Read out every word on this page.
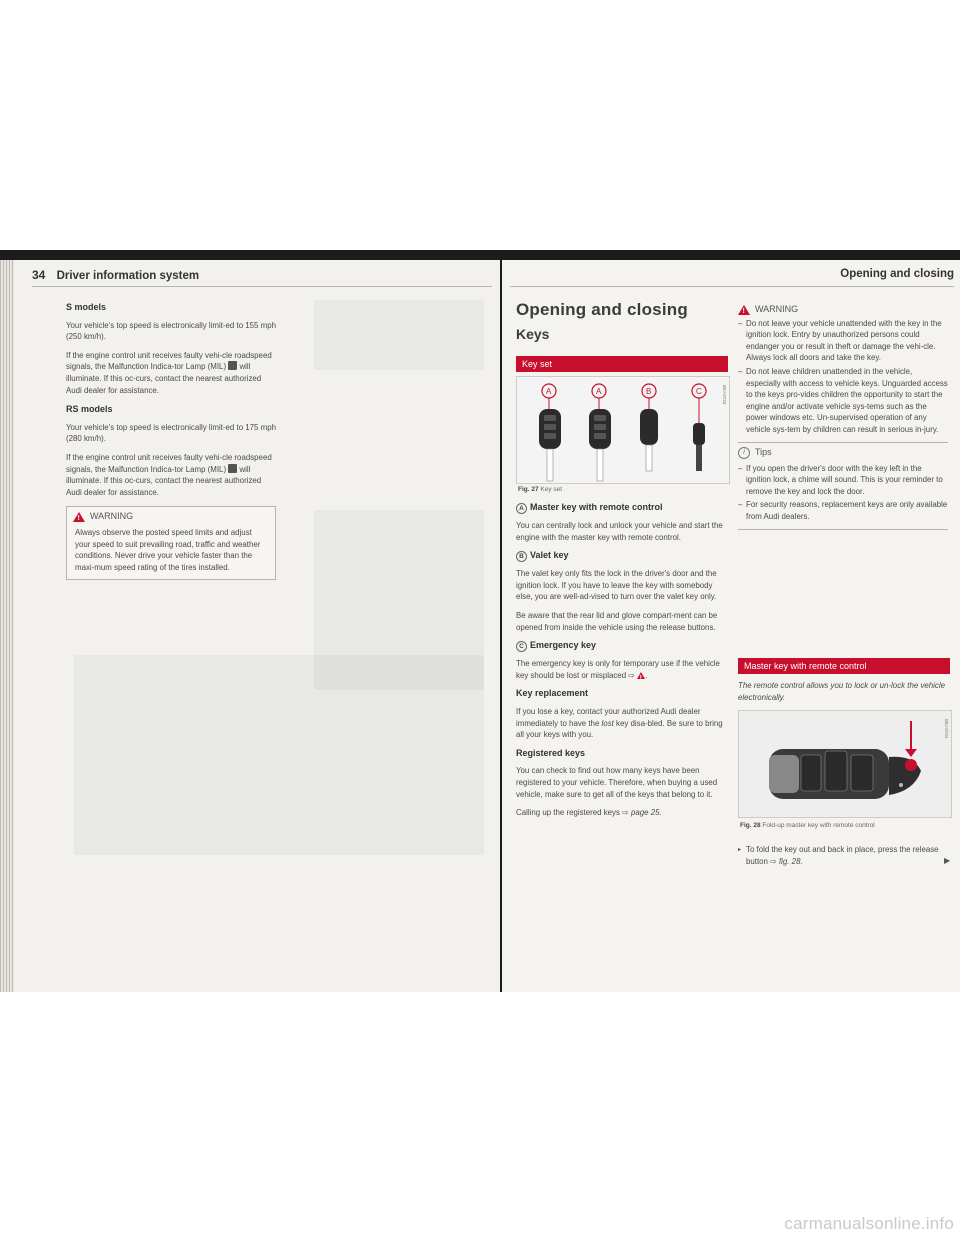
34 Driver information system
S models

Your vehicle's top speed is electronically limit-ed to 155 mph (250 km/h).

If the engine control unit receives faulty vehi-cle roadspeed signals, the Malfunction Indica-tor Lamp (MIL) will illuminate. If this oc-curs, contact the nearest authorized Audi dealer for assistance.

RS models

Your vehicle's top speed is electronically limit-ed to 175 mph (280 km/h).

If the engine control unit receives faulty vehi-cle roadspeed signals, the Malfunction Indica-tor Lamp (MIL) will illuminate. If this oc-curs, contact the nearest authorized Audi dealer for assistance.

!
WARNING
Always observe the posted speed limits and adjust your speed to suit prevailing road, traffic and weather conditions. Never drive your vehicle faster than the maxi-mum speed rating of the tires installed.
Opening and closing
Opening and closing
Keys
Key set
A	A	B	C	B8J-0733
Fig. 27 Key set
A Master key with remote control

You can centrally lock and unlock your vehicle and start the engine with the master key with remote control.

B Valet key

The valet key only fits the lock in the driver's door and the ignition lock. If you have to leave the key with somebody else, you are well-ad-vised to turn over the valet key only.

Be aware that the rear lid and glove compart-ment can be opened from inside the vehicle using the release buttons.

C Emergency key

The emergency key is only for temporary use if the vehicle key should be lost or misplaced ⇨ ! .

Key replacement

If you lose a key, contact your authorized Audi dealer immediately to have the lost key disa-bled. Be sure to bring all your keys with you.

Registered keys

You can check to find out how many keys have been registered to your vehicle. Therefore, when buying a used vehicle, make sure to get all of the keys that belong to it.

Calling up the registered keys ⇨ page 25.

!
WARNING
– Do not leave your vehicle unattended with the key in the ignition lock. Entry by unauthorized persons could endanger you or result in theft or damage the vehi-cle. Always lock all doors and take the key.
– Do not leave children unattended in the vehicle, especially with access to vehicle keys. Unguarded access to the keys pro-vides children the opportunity to start the engine and/or activate vehicle sys-tems such as the power windows etc. Un-supervised operation of any vehicle sys-tem by children can result in serious in-jury.
i	Tips
– If you open the driver's door with the key left in the ignition lock, a chime will sound. This is your reminder to remove the key and lock the door.
– For security reasons, replacement keys are only available from Audi dealers.
Master key with remote control
The remote control allows you to lock or un-lock the vehicle electronically.
B8J-0734
Fig. 28 Fold-up master key with remote control
▸ To fold the key out and back in place, press the release button ⇨ fig. 28.	▶
carmanualsonline.info
